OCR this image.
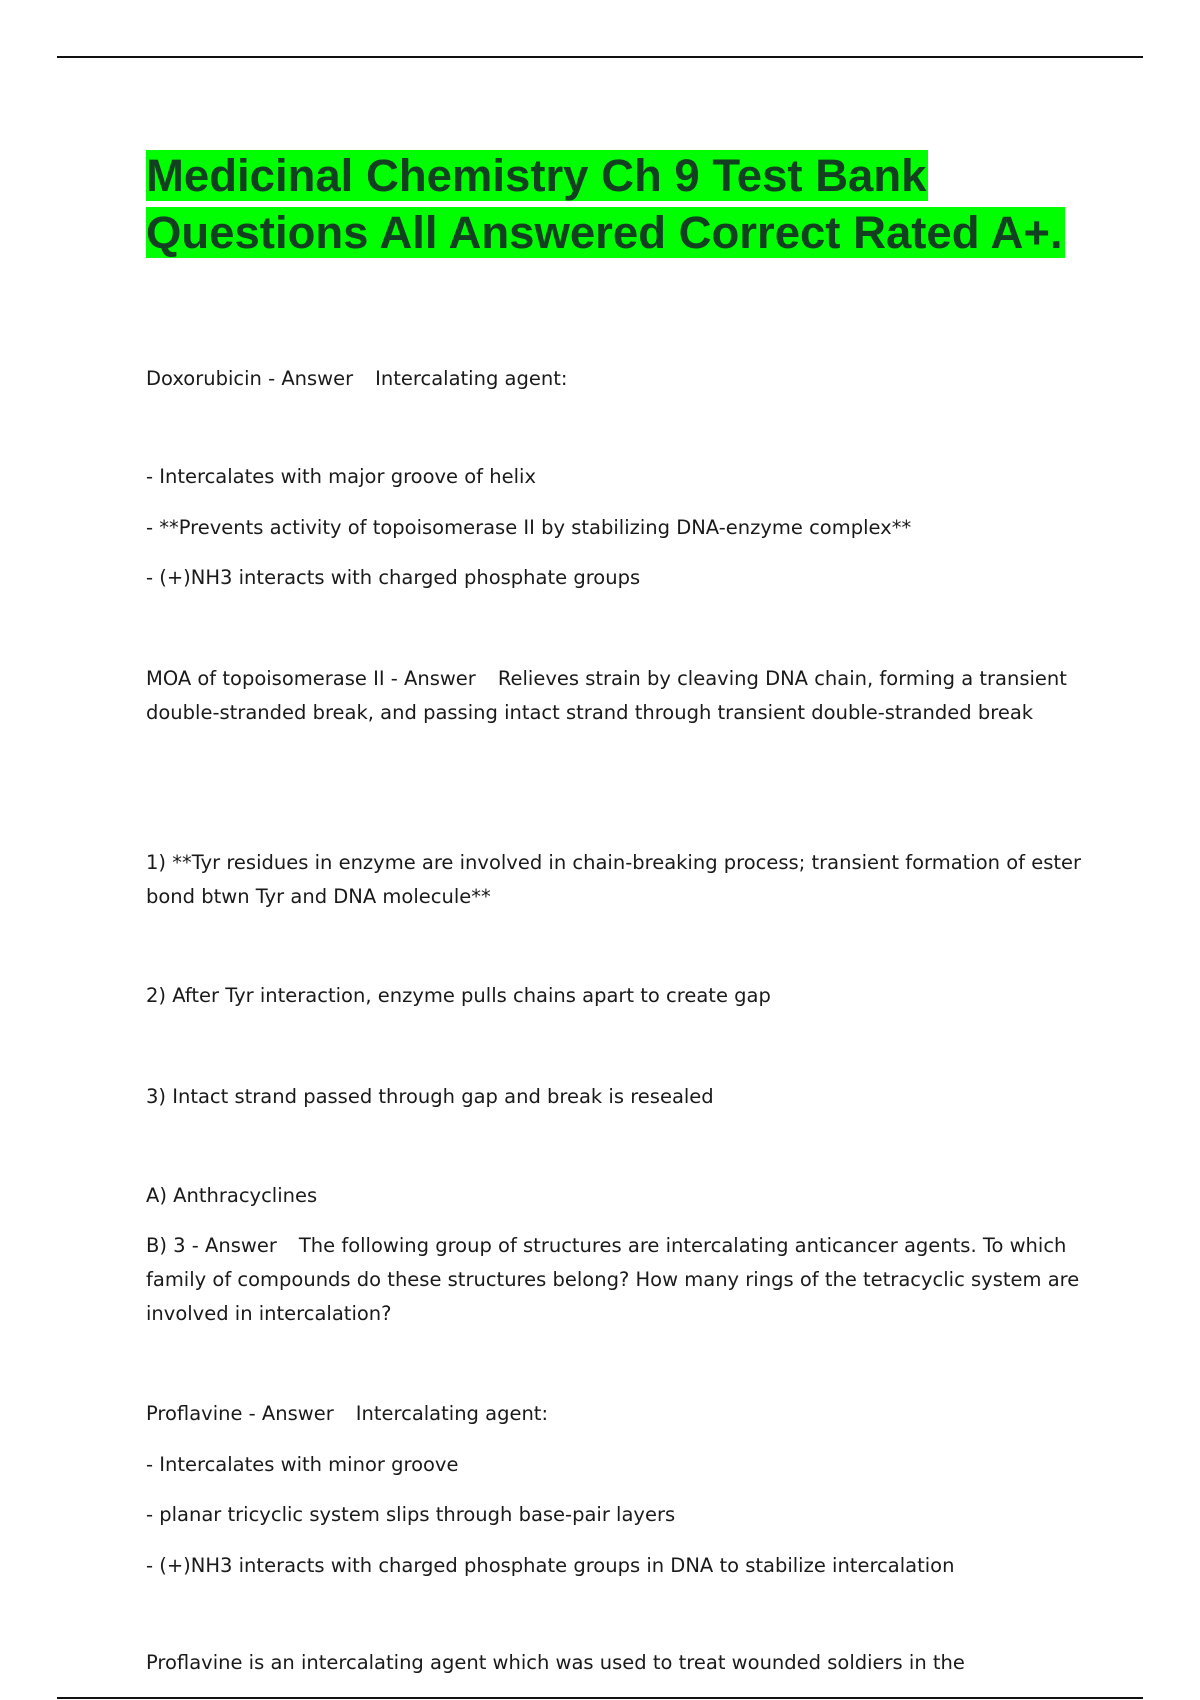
Medicinal Chemistry Ch 9 Test Bank Questions All Answered Correct Rated A+.

Doxorubicin - Answer Intercalating agent:

- Intercalates with major groove of helix

- **Prevents activity of topoisomerase II by stabilizing DNA-enzyme complex**

- (+)NH3 interacts with charged phosphate groups

MOA of topoisomerase II - Answer Relieves strain by cleaving DNA chain, forming a transient double-stranded break, and passing intact strand through transient double-stranded break

1) **Tyr residues in enzyme are involved in chain-breaking process; transient formation of ester bond btwn Tyr and DNA molecule**

2) After Tyr interaction, enzyme pulls chains apart to create gap

3) Intact strand passed through gap and break is resealed

A) Anthracyclines

B) 3 - Answer The following group of structures are intercalating anticancer agents. To which family of compounds do these structures belong? How many rings of the tetracyclic system are involved in intercalation?

Proflavine - Answer Intercalating agent:

- Intercalates with minor groove

- planar tricyclic system slips through base-pair layers

- (+)NH3 interacts with charged phosphate groups in DNA to stabilize intercalation

Proflavine is an intercalating agent which was used to treat wounded soldiers in the
